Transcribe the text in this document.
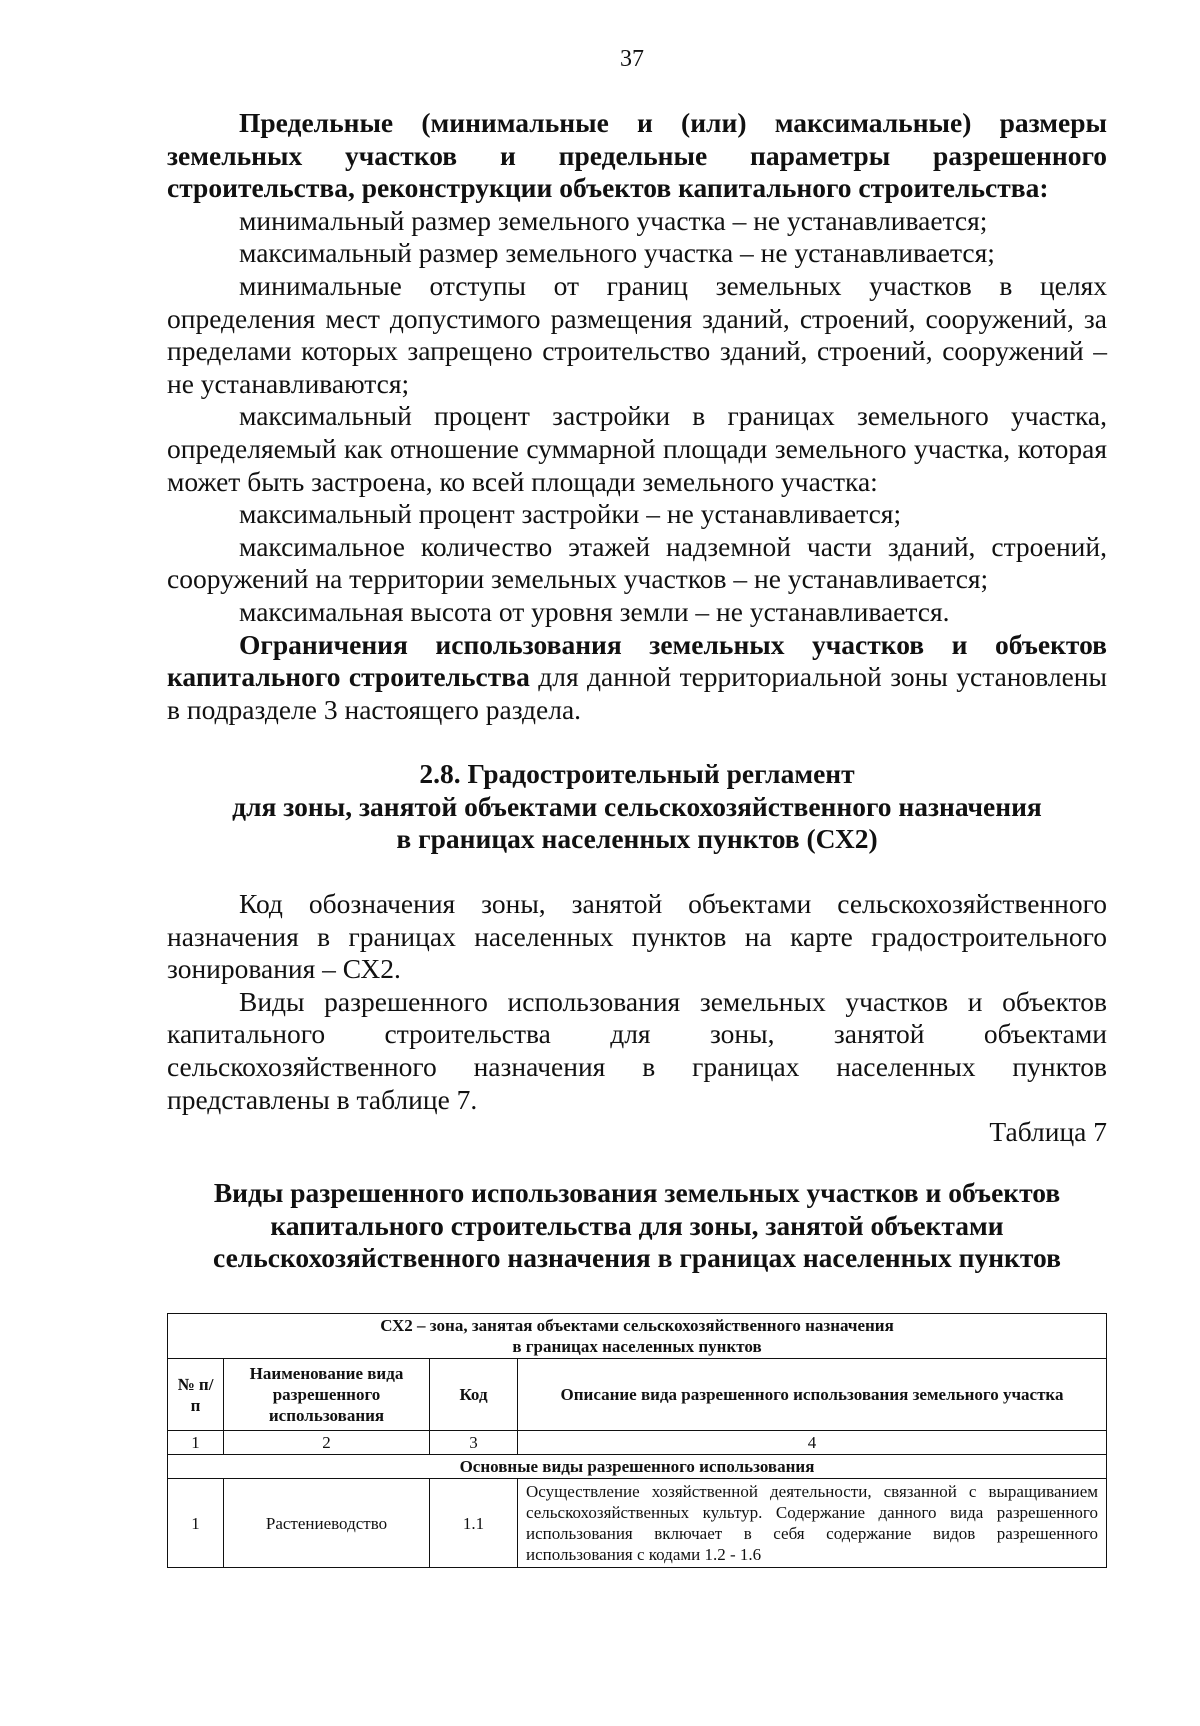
37

Предельные (минимальные и (или) максимальные) размеры земельных участков и предельные параметры разрешенного строительства, реконструкции объектов капитального строительства:

минимальный размер земельного участка – не устанавливается;

максимальный размер земельного участка – не устанавливается;

минимальные отступы от границ земельных участков в целях определения мест допустимого размещения зданий, строений, сооружений, за пределами которых запрещено строительство зданий, строений, сооружений – не устанавливаются;

максимальный процент застройки в границах земельного участка, определяемый как отношение суммарной площади земельного участка, которая может быть застроена, ко всей площади земельного участка:

максимальный процент застройки – не устанавливается;

максимальное количество этажей надземной части зданий, строений, сооружений на территории земельных участков – не устанавливается;

максимальная высота от уровня земли – не устанавливается.

Ограничения использования земельных участков и объектов капитального строительства для данной территориальной зоны установлены в подразделе 3 настоящего раздела.

2.8. Градостроительный регламент

для зоны, занятой объектами сельскохозяйственного назначения

в границах населенных пунктов (СХ2)

Код обозначения зоны, занятой объектами сельскохозяйственного назначения в границах населенных пунктов на карте градостроительного зонирования – СХ2.

Виды разрешенного использования земельных участков и объектов капитального строительства для зоны, занятой объектами сельскохозяйственного назначения в границах населенных пунктов представлены в таблице 7.

Таблица 7

Виды разрешенного использования земельных участков и объектов

капитального строительства для зоны, занятой объектами

сельскохозяйственного назначения в границах населенных пунктов

СХ2 – зона, занятая объектами сельскохозяйственного назначения
в границах населенных пунктов			

№ п/п	Наименование вида разрешенного использования	Код	Описание вида разрешенного использования земельного участка
1	2	3	4
Основные виды разрешенного использования			
1	Растениеводство	1.1	Осуществление хозяйственной деятельности, связанной с выращиванием сельскохозяйственных культур. Содержание данного вида разрешенного использования включает в себя содержание видов разрешенного использования с кодами 1.2 - 1.6
